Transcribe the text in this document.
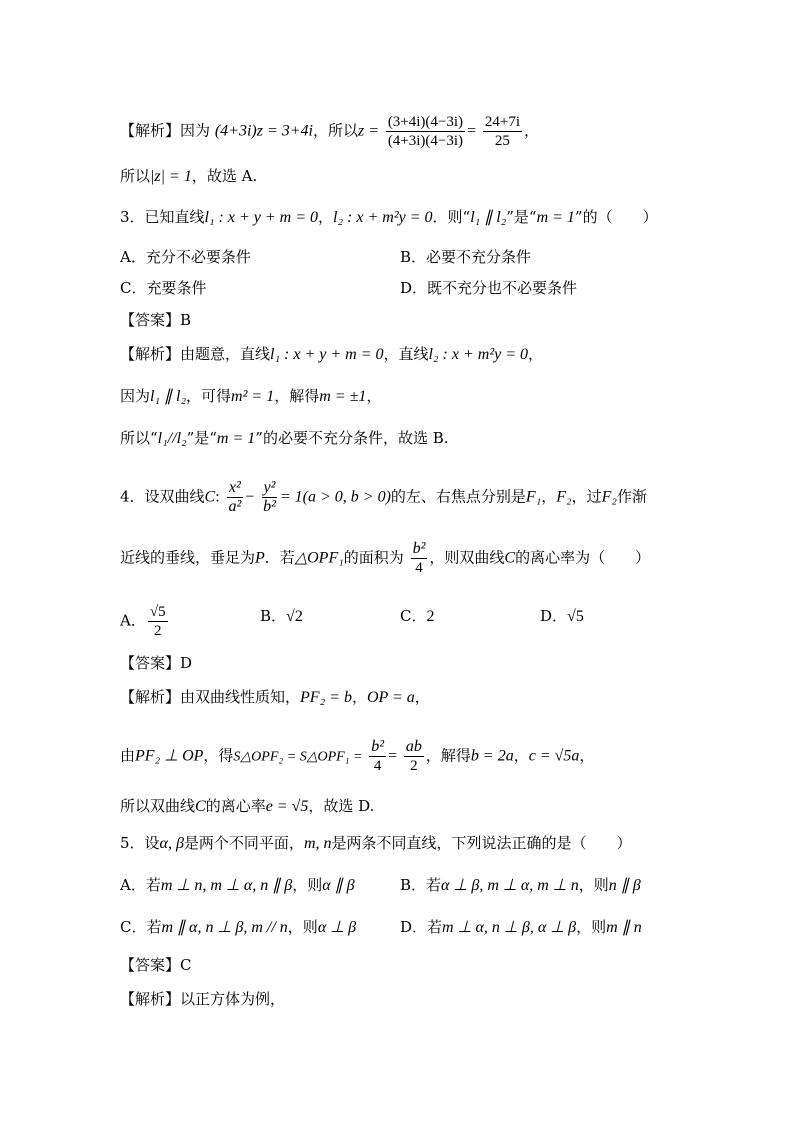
【解析】因为 (4+3i)z = 3+4i，所以$z = \frac{(3+4i)(4-3i)}{(4+3i)(4-3i)} = \frac{24+7i}{25}$ ，
所以|z| = 1，故选 A.
3．已知直线l₁ : x + y + m = 0，l₂ : x + m²y = 0．则“l₁ ∥ l₂”是“m = 1”的（　　）
A．充分不必要条件	B．必要不充分条件
C．充要条件	D．既不充分也不必要条件
【答案】B
【解析】由题意，直线l₁ : x + y + m = 0，直线l₂ : x + m²y = 0，
因为l₁ ∥ l₂，可得m² = 1，解得m = ±1，
所以“l₁//l₂”是“m = 1”的必要不充分条件，故选 B.
4．设双曲线C: $\frac{\text{x²}}{\text{a²}} - \frac{\text{y²}}{\text{b²}} = 1(a > 0$, b > 0)的左、右焦点分别是F₁，F₂，过F₂作渐
近线的垂线，垂足为P．若△OPF₁的面积为 $\frac{\text{b²}}{4}$ ，则双曲线C的离心率为（　　）
A． $\frac{√5}{2}$	B．√2	C．2	D．√5
【答案】D
【解析】由双曲线性质知，PF₂ = b，OP = a，
由PF₂ ⊥ OP，得S△OPF₂ = S△OPF₁ = $\frac{\text{b²}}{4} = \frac{ab}{2}$ ，解得b = 2a，c = √5a，
所以双曲线C的离心率e = √5，故选 D.
5．设α, β是两个不同平面，m, n是两条不同直线，下列说法正确的是（　　）
A．若m ⊥ n, m ⊥ α, n ∥ β，则α ∥ β	B．若α ⊥ β, m ⊥ α, m ⊥ n，则n ∥ β
C．若m ∥ α, n ⊥ β, m // n，则α ⊥ β	D．若m ⊥ α, n ⊥ β, α ⊥ β，则m ∥ n
【答案】C
【解析】以正方体为例，
